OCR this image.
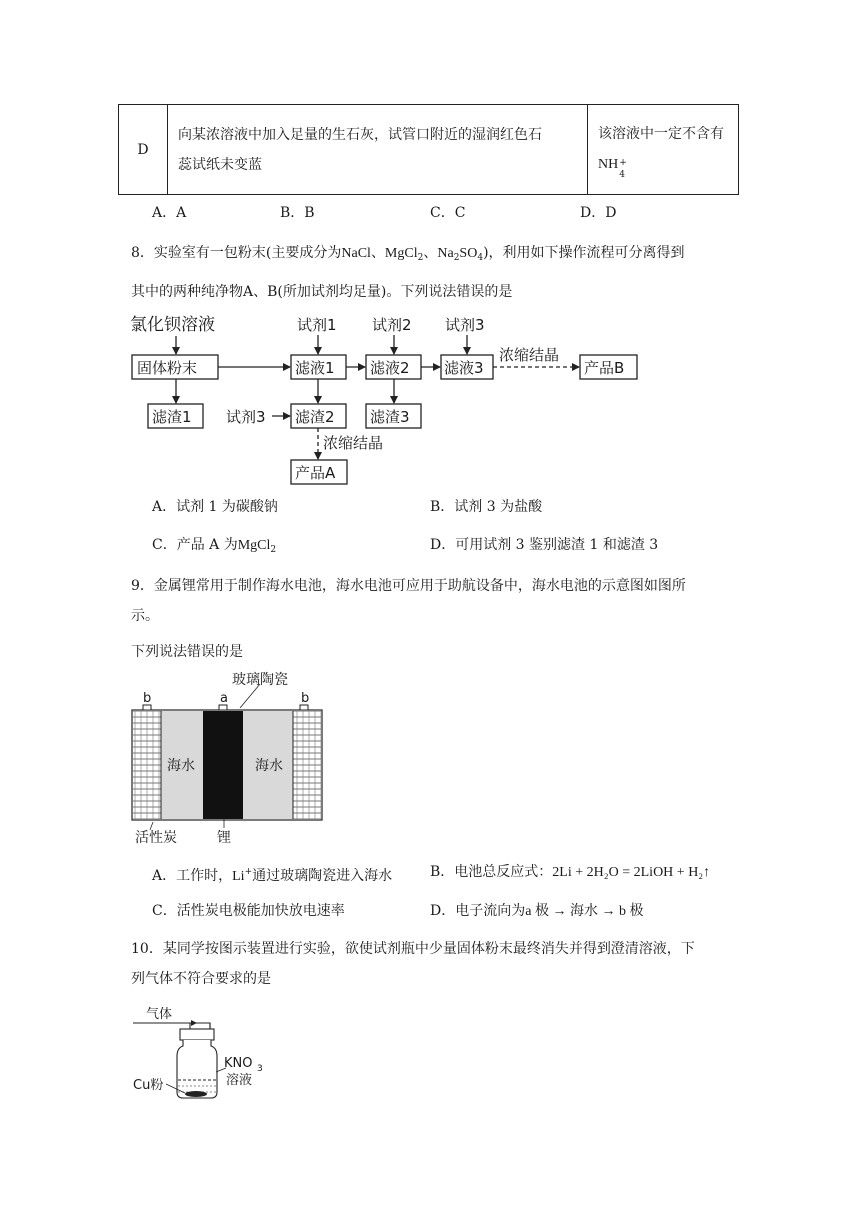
D	
向某浓溶液中加入足量的生石灰，试管口附近的湿润红色石
蕊试纸未变蓝

该溶液中一定不含有
NH +
4
A．A	B．B	C．C	D．D
8．实验室有一包粉末(主要成分为NaCl、MgCl$_2$、$Na_2SO_4$)，利用如下操作流程可分离得到
其中的两种纯净物A、B(所加试剂均足量)。下列说法错误的是
氯化钡溶液
固体粉末	滤液1 滤液2 滤液3	产品B
滤渣1	滤渣2 滤渣3
产品A
试剂1 试剂2 试剂3
试剂3
浓缩结晶
浓缩结晶
A．试剂 1 为碳酸钠	B．试剂 3 为盐酸
C．产品 A 为MgCl$_2$	D．可用试剂 3 鉴别滤渣 1 和滤渣 3
9．金属锂常用于制作海水电池，海水电池可应用于助航设备中，海水电池的示意图如图所
示。
下列说法错误的是
b	a	b
玻璃陶瓷
海水	海水
活性炭	锂
A．工作时，Li+通过玻璃陶瓷进入海水	B．电池总反应式：2Li + 2H₂O = 2LiOH + H₂↑
C．活性炭电极能加快放电速率	D．电子流向为a 极 → 海水 → b 极
10．某同学按图示装置进行实验，欲使试剂瓶中少量固体粉末最终消失并得到澄清溶液，下
列气体不符合要求的是
气体
KNO 3
溶液
Cu粉
